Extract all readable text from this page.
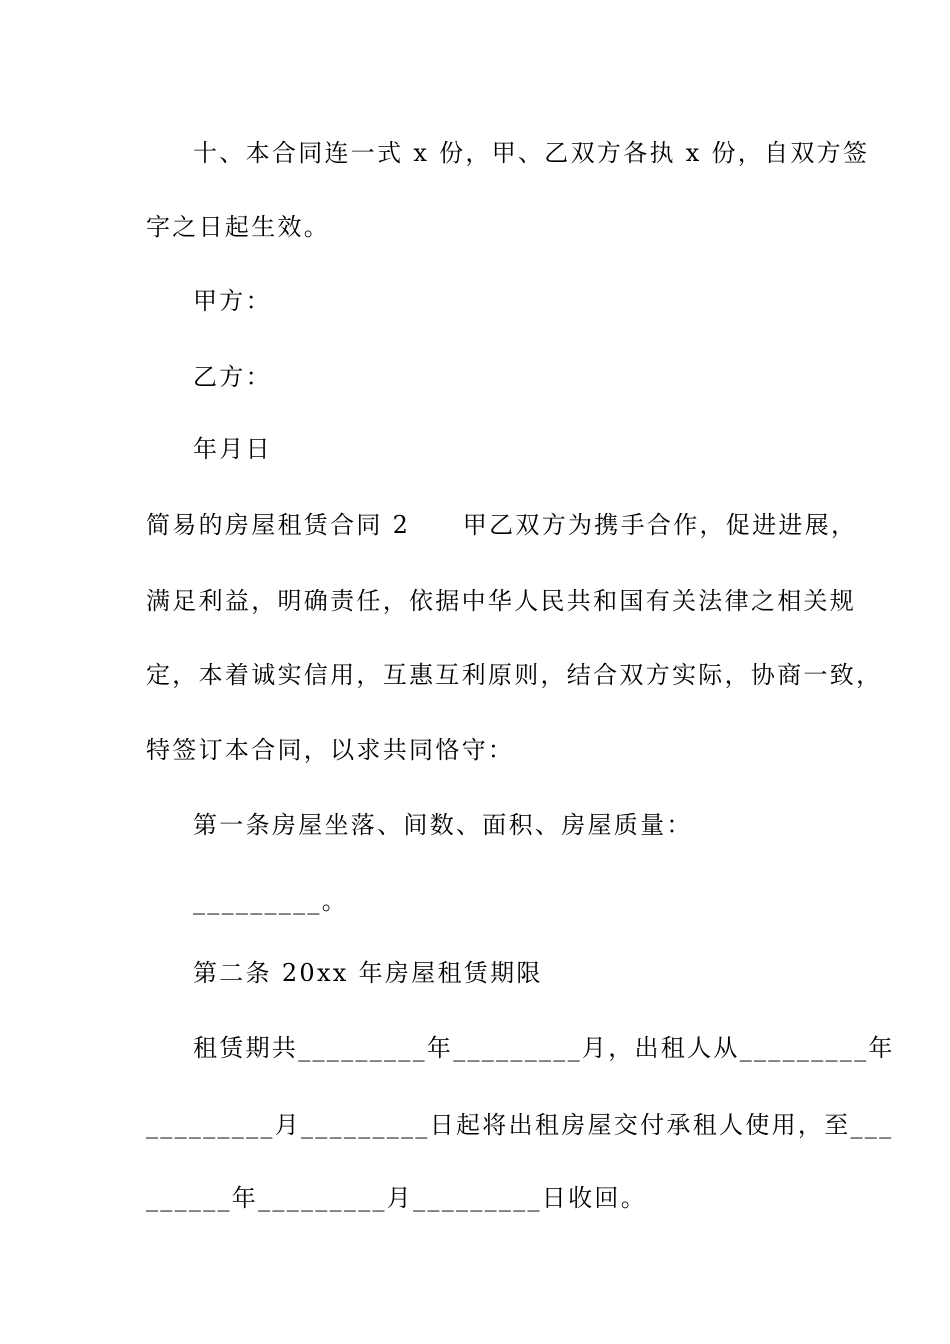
十、本合同连一式 x 份，甲、乙双方各执 x 份，自双方签
字之日起生效。
甲方：
乙方：
年月日
简易的房屋租赁合同 2　　甲乙双方为携手合作，促进进展，
满足利益，明确责任，依据中华人民共和国有关法律之相关规
定，本着诚实信用，互惠互利原则，结合双方实际，协商一致，
特签订本合同，以求共同恪守：
第一条房屋坐落、间数、面积、房屋质量：
_________。
第二条 20xx 年房屋租赁期限
租赁期共_________年_________月，出租人从_________年
_________月_________日起将出租房屋交付承租人使用，至___
______年_________月_________日收回。
